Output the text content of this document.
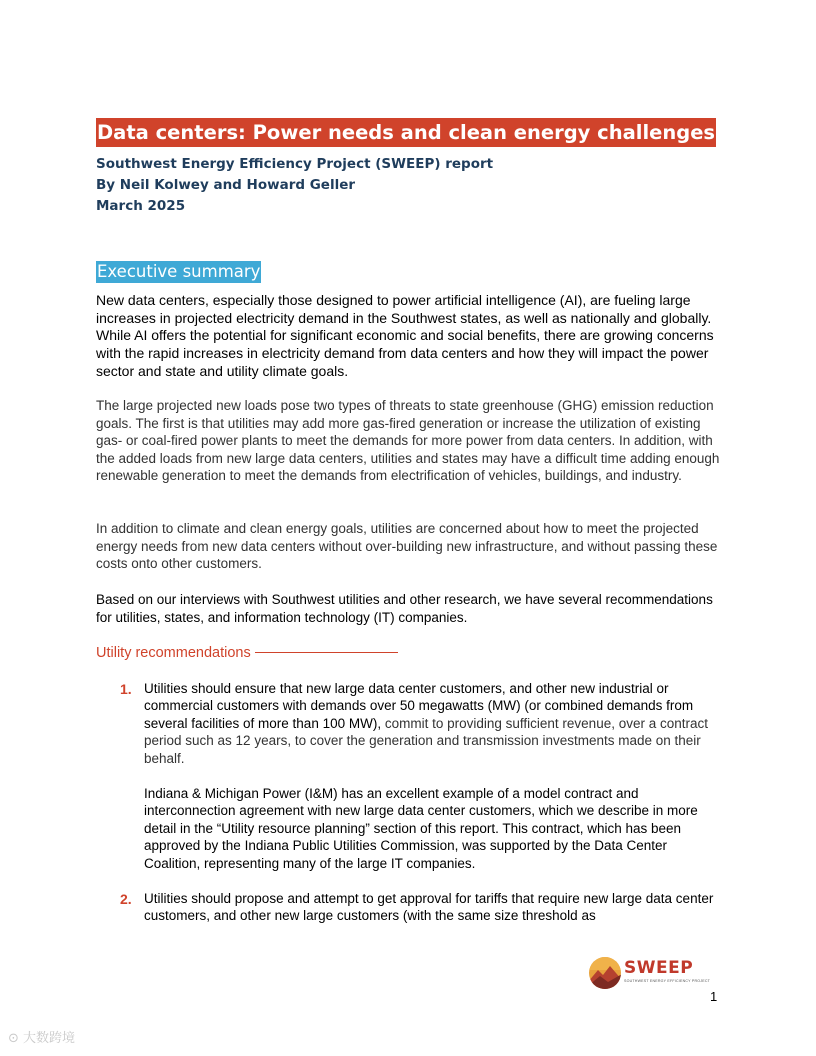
Data centers: Power needs and clean energy challenges
Southwest Energy Efficiency Project (SWEEP) report
By Neil Kolwey and Howard Geller
March 2025
Executive summary

New data centers, especially those designed to power artificial intelligence (AI), are fueling large increases in projected electricity demand in the Southwest states, as well as nationally and globally. While AI offers the potential for significant economic and social benefits, there are growing concerns with the rapid increases in electricity demand from data centers and how they will impact the power sector and state and utility climate goals.

The large projected new loads pose two types of threats to state greenhouse (GHG) emission reduction goals. The first is that utilities may add more gas-fired generation or increase the utilization of existing gas- or coal-fired power plants to meet the demands for more power from data centers. In addition, with the added loads from new large data centers, utilities and states may have a difficult time adding enough renewable generation to meet the demands from electrification of vehicles, buildings, and industry.

In addition to climate and clean energy goals, utilities are concerned about how to meet the projected energy needs from new data centers without over-building new infrastructure, and without passing these costs onto other customers.

Based on our interviews with Southwest utilities and other research, we have several recommendations for utilities, states, and information technology (IT) companies.

Utility recommendations
1. Utilities should ensure that new large data center customers, and other new industrial or commercial customers with demands over 50 megawatts (MW) (or combined demands from several facilities of more than 100 MW), commit to providing sufficient revenue, over a contract period such as 12 years, to cover the generation and transmission investments made on their behalf.

Indiana & Michigan Power (I&M) has an excellent example of a model contract and interconnection agreement with new large data center customers, which we describe in more detail in the “Utility resource planning” section of this report. This contract, which has been approved by the Indiana Public Utilities Commission, was supported by the Data Center Coalition, representing many of the large IT companies.

2. Utilities should propose and attempt to get approval for tariffs that require new large data center customers, and other new large customers (with the same size threshold as

SWEEP
SOUTHWEST ENERGY EFFICIENCY PROJECT
1
⊙ 大数跨境
